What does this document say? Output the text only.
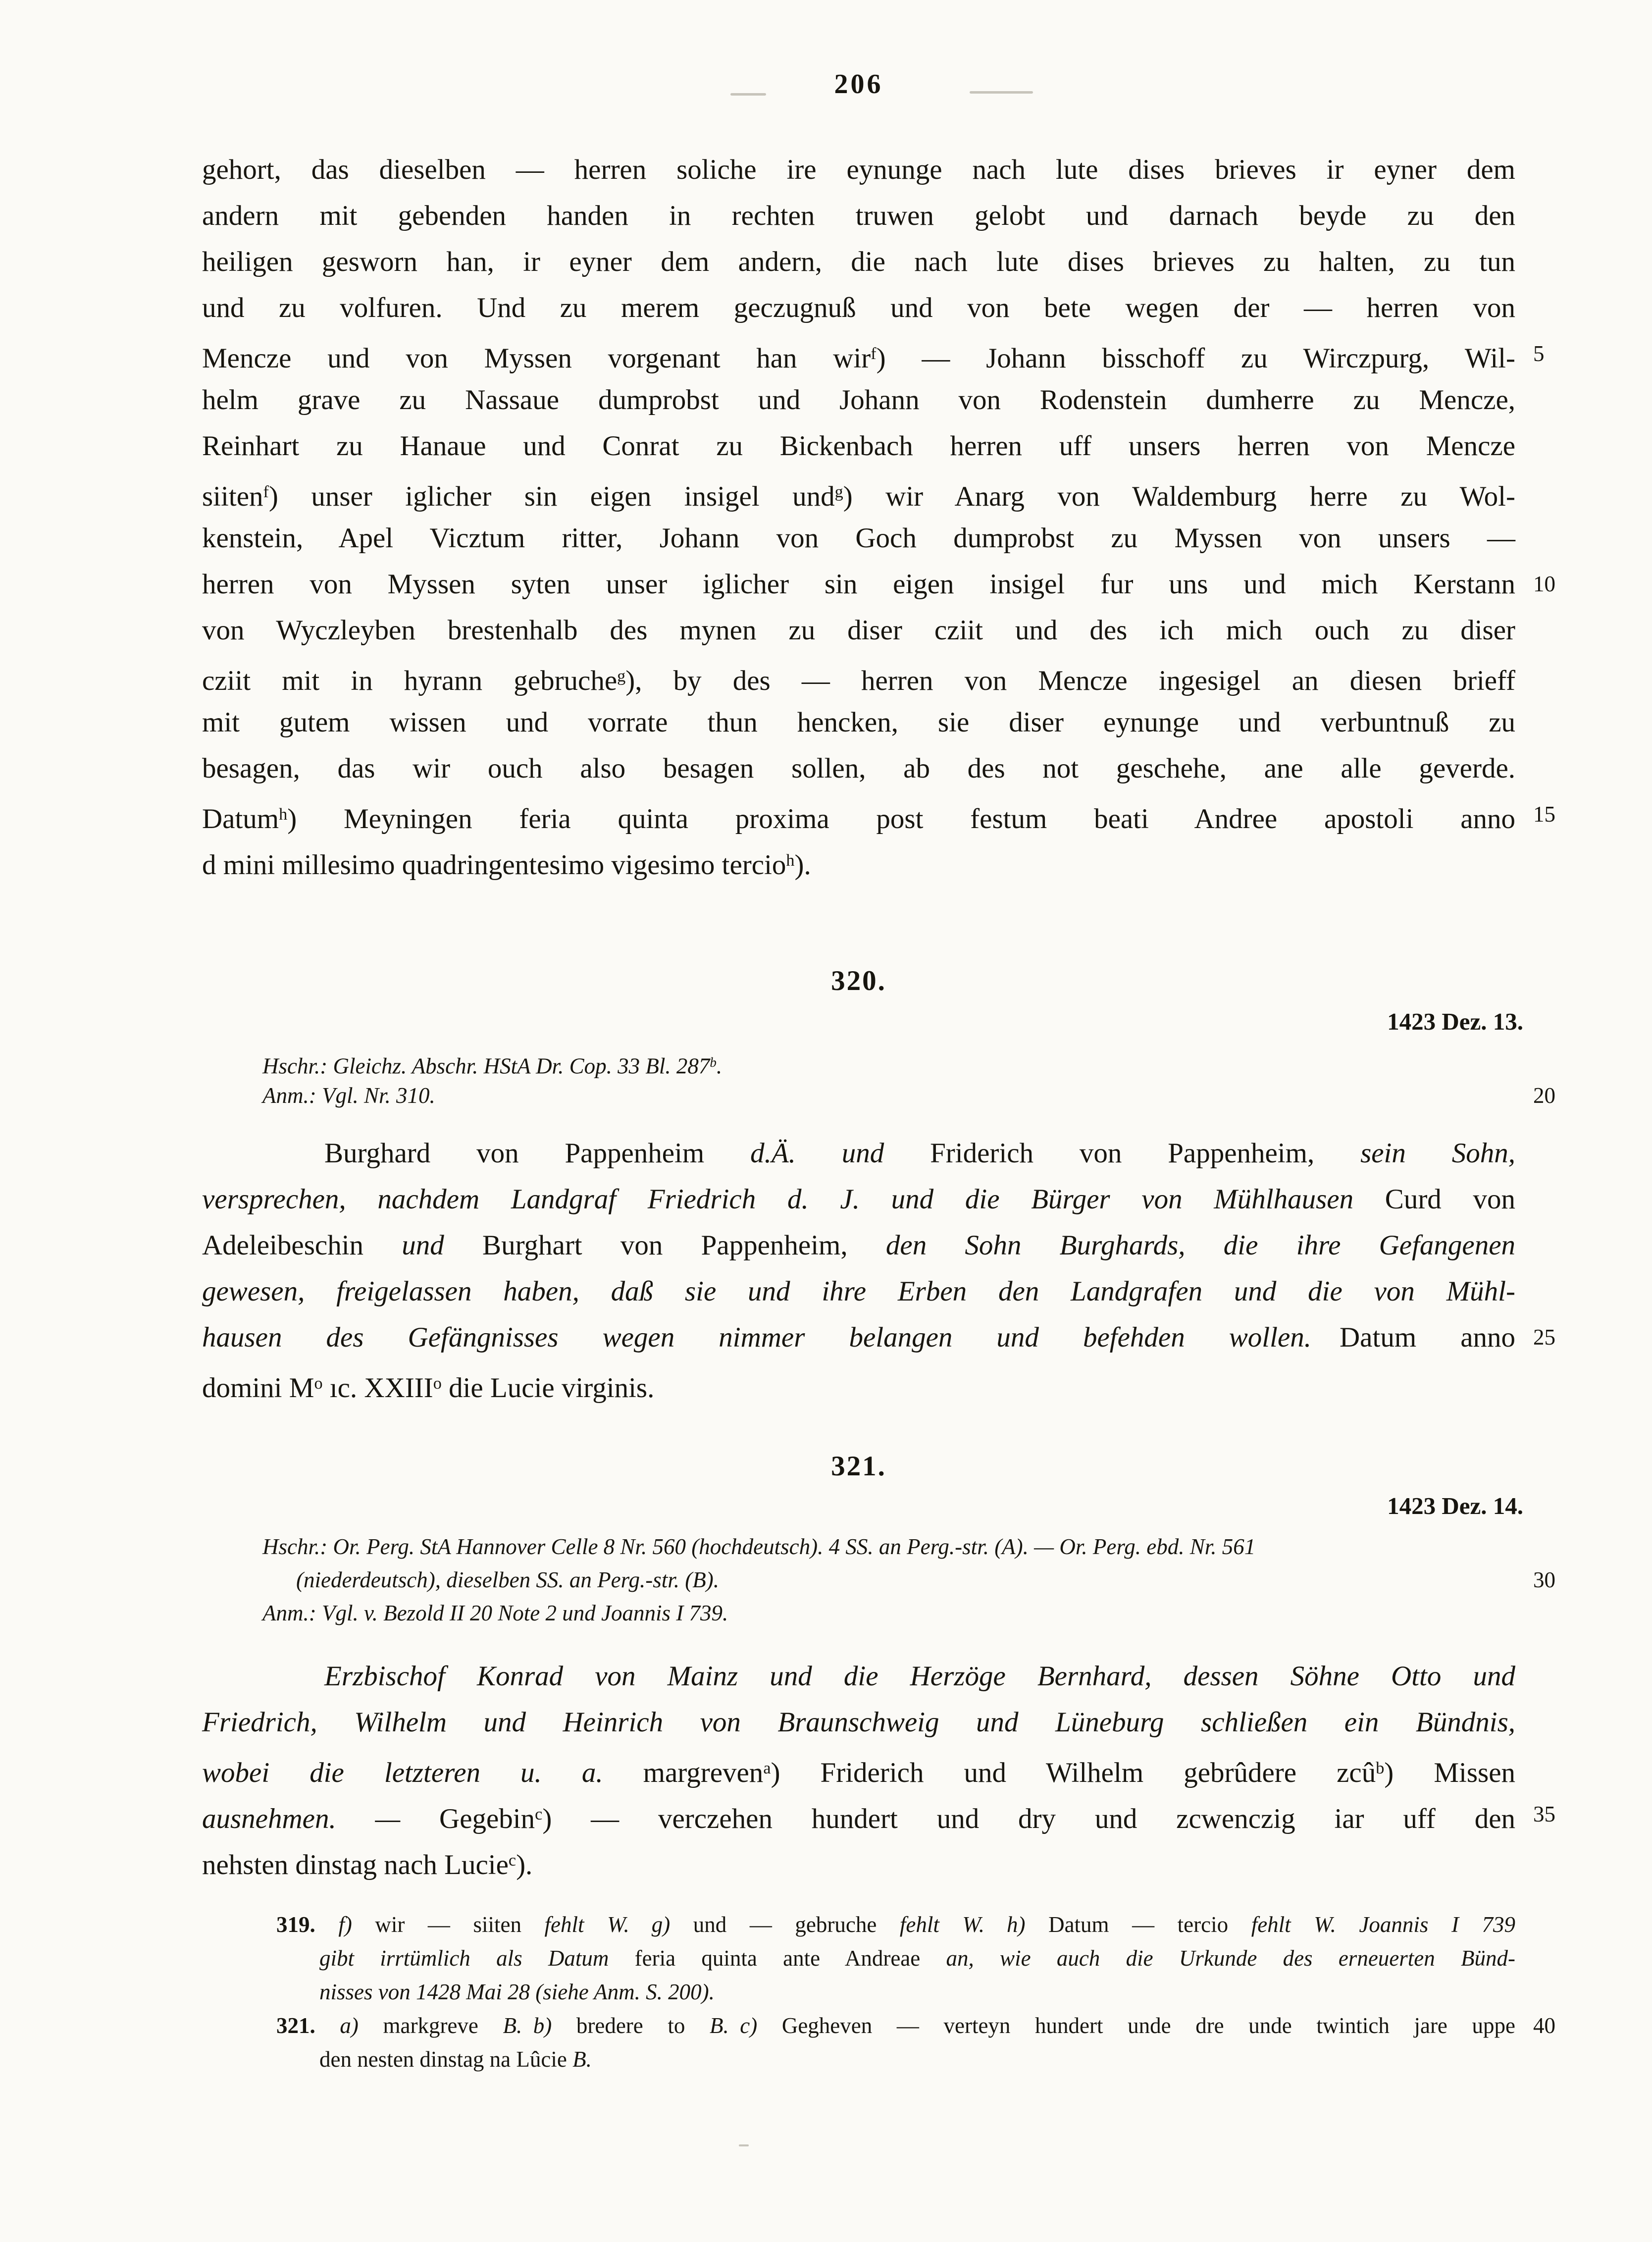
206
gehort, das dieselben — herren soliche ire eynunge nach lute dises brieves ir eyner dem
andern mit gebenden handen in rechten truwen gelobt und darnach beyde zu den
heiligen gesworn han, ir eyner dem andern, die nach lute dises brieves zu halten, zu tun
und zu volfuren. Und zu merem geczugnuß und von bete wegen der — herren von
Mencze und von Myssen vorgenant han wir$^f$) — Johann bisschoff zu Wirczpurg, Wil- 5
helm grave zu Nassaue dumprobst und Johann von Rodenstein dumherre zu Mencze,
Reinhart zu Hanaue und Conrat zu Bickenbach herren uff unsers herren von Mencze
siiten$^f$) unser iglicher sin eigen insigel und$^g$) wir Anarg von Waldemburg herre zu Wol-
kenstein, Apel Vicztum ritter, Johann von Goch dumprobst zu Myssen von unsers —
herren von Myssen syten unser iglicher sin eigen insigel fur uns und mich Kerstann 10
von Wyczleyben brestenhalb des mynen zu diser cziit und des ich mich ouch zu diser
cziit mit in hyrann gebruche$^g$), by des — herren von Mencze ingesigel an diesen brieff
mit gutem wissen und vorrate thun hencken, sie diser eynunge und verbuntnuß zu
besagen, das wir ouch also besagen sollen, ab des not geschehe, ane alle geverde.
Datum$^h$) Meyningen feria quinta proxima post festum beati Andree apostoli anno 15
d mini millesimo quadringentesimo vigesimo tercio$^h$).
320.
1423 Dez. 13.
Hschr.: Gleichz. Abschr. HStA Dr. Cop. 33 Bl. 287$^b$.
Anm.: Vgl. Nr. 310.	20
Burghard von Pappenheim d.Ä. und Friderich von Pappenheim, sein Sohn,
versprechen, nachdem Landgraf Friedrich d. J. und die Bürger von Mühlhausen Curd von
Adeleibeschin und Burghart von Pappenheim, den Sohn Burghards, die ihre Gefangenen
gewesen, freigelassen haben, daß sie und ihre Erben den Landgrafen und die von Mühl-
hausen des Gefängnisses wegen nimmer belangen und befehden wollen. Datum anno 25
domini $M^o$ ıc. XXIII$^o$ die Lucie virginis.
321.
1423 Dez. 14.
Hschr.: Or. Perg. StA Hannover Celle 8 Nr. 560 (hochdeutsch). 4 SS. an Perg.-str. (A). — Or. Perg. ebd. Nr. 561
(niederdeutsch), dieselben SS. an Perg.-str. (B).	30
Anm.: Vgl. v. Bezold II 20 Note 2 und Joannis I 739.
Erzbischof Konrad von Mainz und die Herzöge Bernhard, dessen Söhne Otto und
Friedrich, Wilhelm und Heinrich von Braunschweig und Lüneburg schließen ein Bündnis,
wobei die letzteren u. a. margreven$^a$) Friderich und Wilhelm gebrûdere zcû$^b$) Missen
ausnehmen. — Gegebin$^c$) — verczehen hundert und dry und zcwenczig iar uff den 35
nehsten dinstag nach Lucie$^c$).
319. f) wir — siiten fehlt W.  g) und — gebruche fehlt W.  h) Datum — tercio fehlt W. Joannis I 739
gibt irrtümlich als Datum feria quinta ante Andreae an, wie auch die Urkunde des erneuerten Bünd-
nisses von 1428 Mai 28 (siehe Anm. S. 200).
321. a) markgreve B.  b) bredere to B.  c) Gegheven — verteyn hundert unde dre unde twintich jare uppe 40
den nesten dinstag na Lûcie B.
